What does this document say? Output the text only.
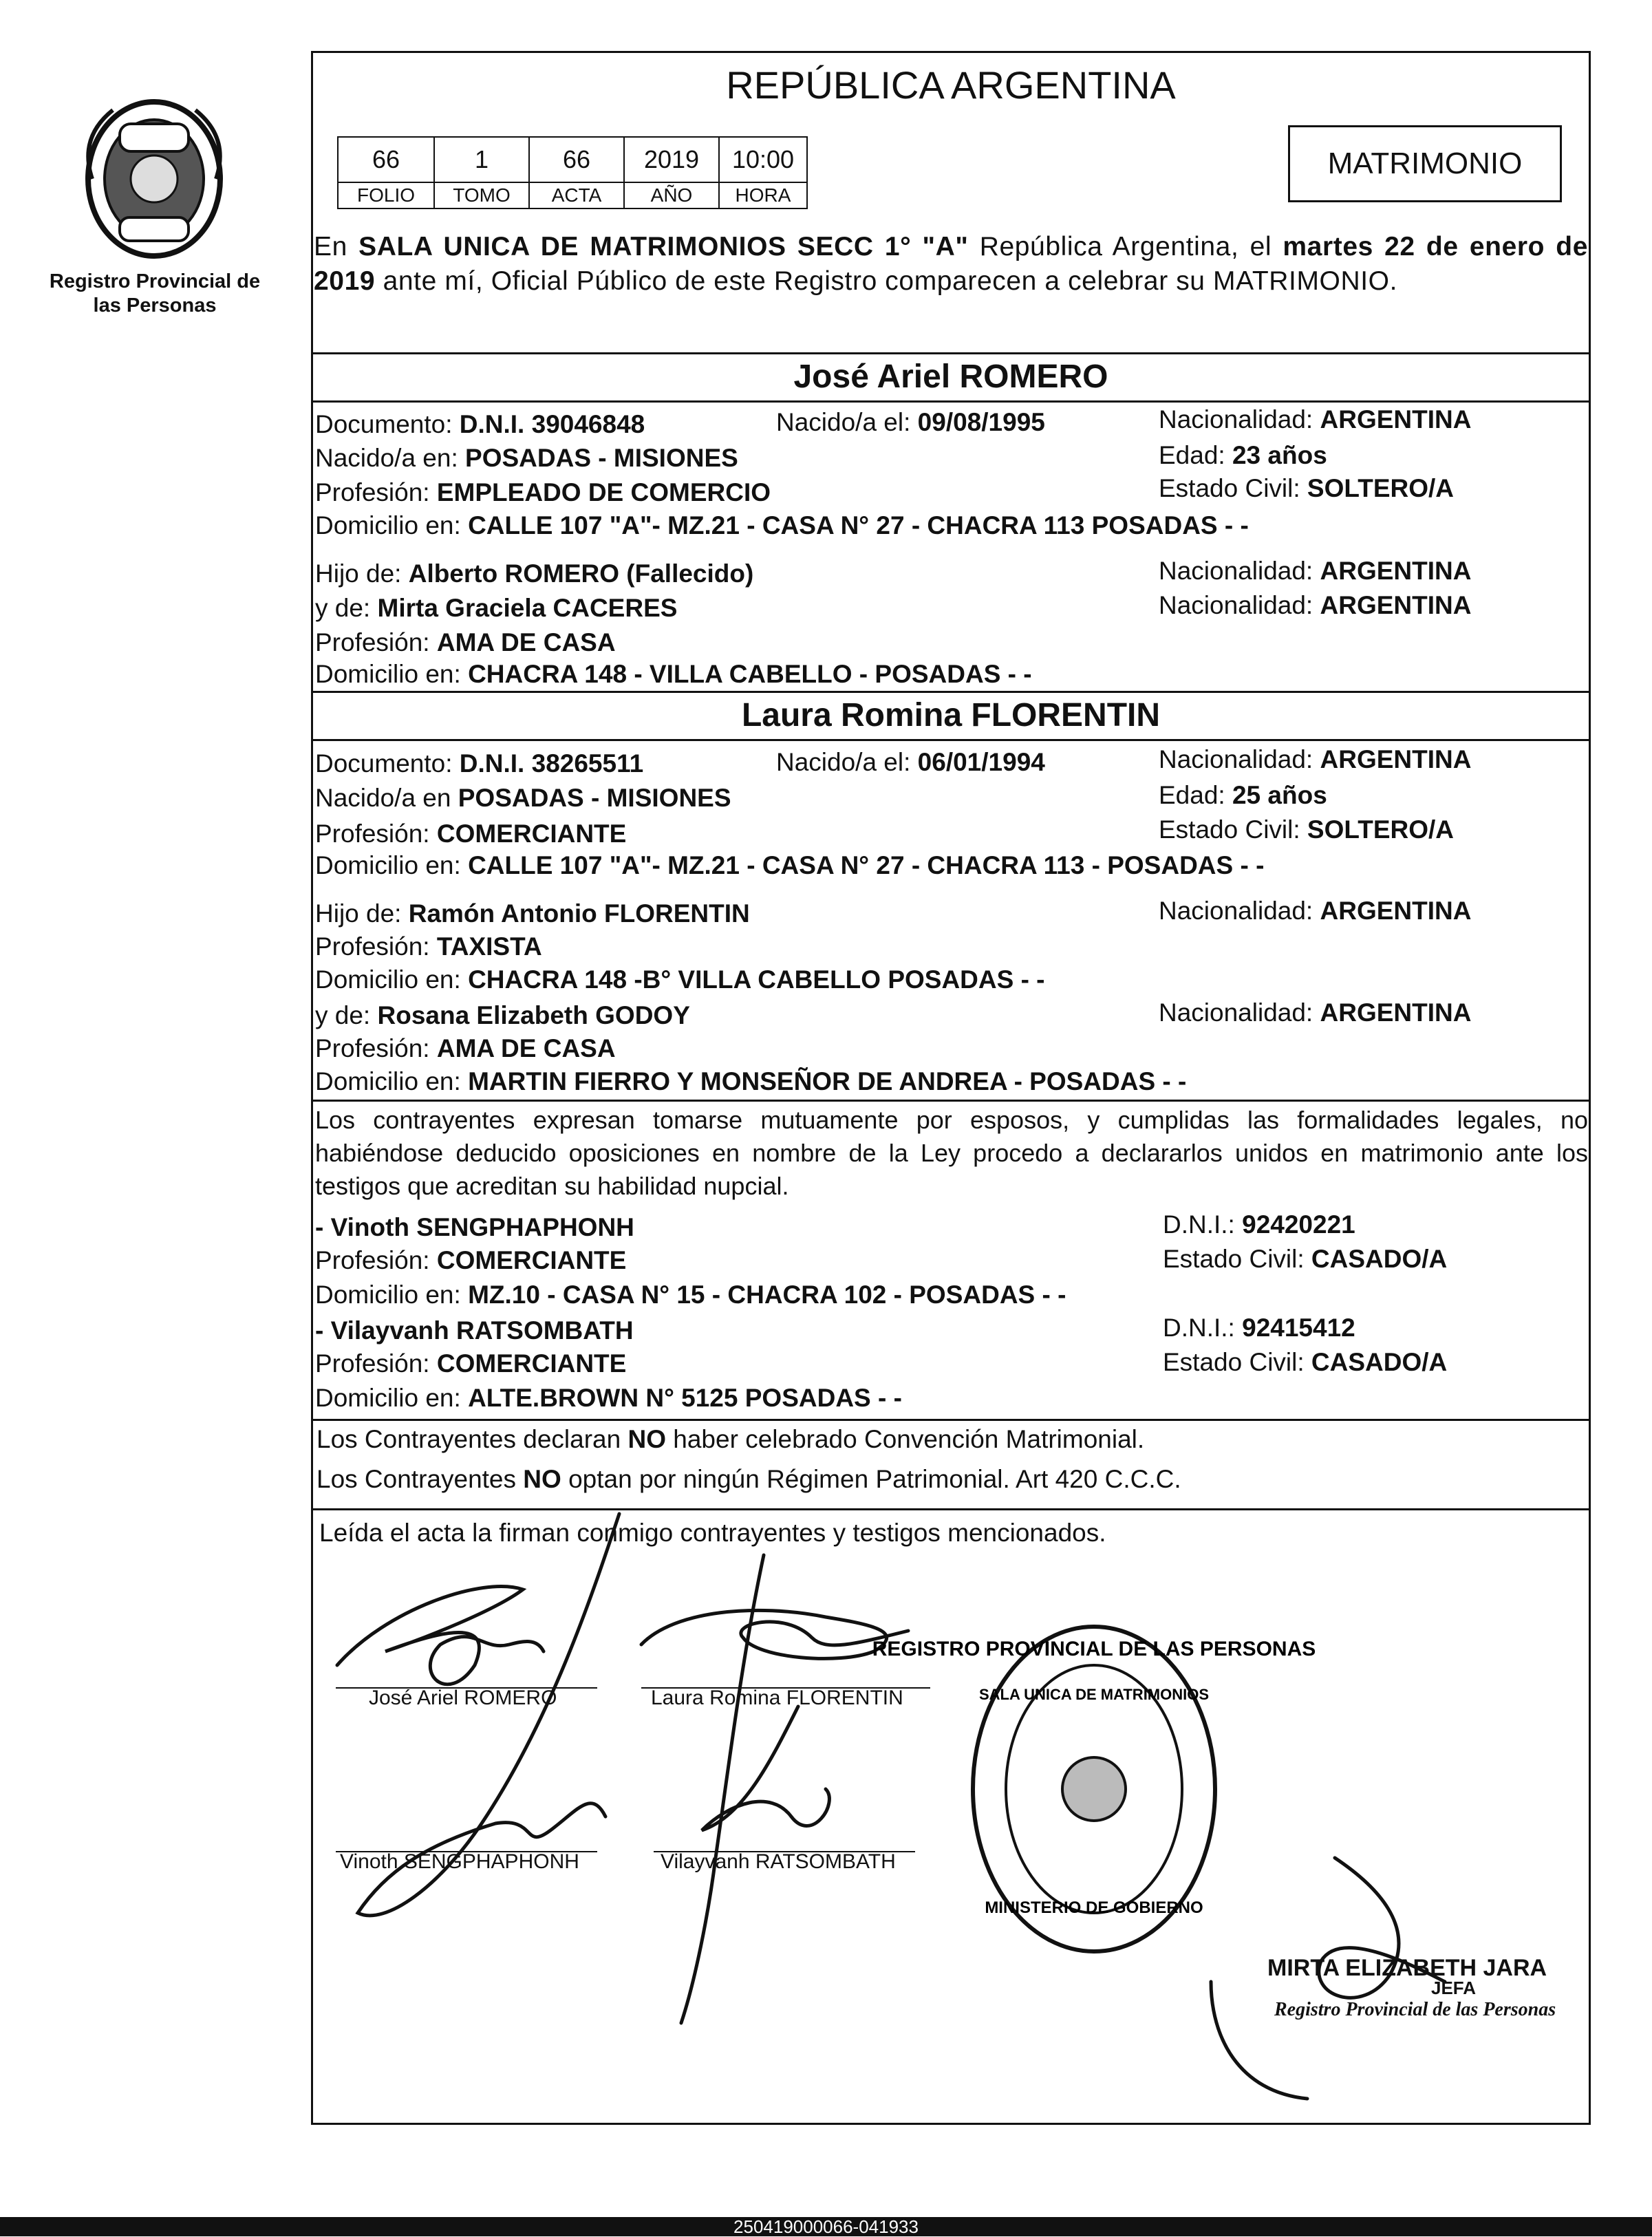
Registro Provincial de las Personas
REPÚBLICA ARGENTINA
66	1	66	2019	10:00
FOLIO	TOMO	ACTA	AÑO	HORA
MATRIMONIO
En SALA UNICA DE MATRIMONIOS SECC 1° "A" República Argentina, el martes 22 de enero de 2019 ante mí, Oficial Público de este Registro comparecen a celebrar su MATRIMONIO.
José Ariel ROMERO
Documento: D.N.I. 39046848	Nacido/a el: 09/08/1995	Nacionalidad: ARGENTINA
Nacido/a en: POSADAS - MISIONES	Edad: 23 años
Profesión: EMPLEADO DE COMERCIO	Estado Civil: SOLTERO/A
Domicilio en: CALLE 107 "A"- MZ.21 - CASA N° 27 - CHACRA 113 POSADAS - -
Hijo de: Alberto ROMERO (Fallecido)	Nacionalidad: ARGENTINA
y de: Mirta Graciela CACERES	Nacionalidad: ARGENTINA
Profesión: AMA DE CASA
Domicilio en: CHACRA 148 - VILLA CABELLO - POSADAS - -
Laura Romina FLORENTIN
Documento: D.N.I. 38265511	Nacido/a el: 06/01/1994	Nacionalidad: ARGENTINA
Nacido/a en POSADAS - MISIONES	Edad: 25 años
Profesión: COMERCIANTE	Estado Civil: SOLTERO/A
Domicilio en: CALLE 107 "A"- MZ.21 - CASA N° 27 - CHACRA 113 - POSADAS - -
Hijo de: Ramón Antonio FLORENTIN	Nacionalidad: ARGENTINA
Profesión: TAXISTA
Domicilio en: CHACRA 148 -B° VILLA CABELLO POSADAS - -
y de: Rosana Elizabeth GODOY	Nacionalidad: ARGENTINA
Profesión: AMA DE CASA
Domicilio en: MARTIN FIERRO Y MONSEÑOR DE ANDREA - POSADAS - -
Los contrayentes expresan tomarse mutuamente por esposos, y cumplidas las formalidades legales, no habiéndose deducido oposiciones en nombre de la Ley procedo a declararlos unidos en matrimonio ante los testigos que acreditan su habilidad nupcial.
- Vinoth SENGPHAPHONH	D.N.I.: 92420221
Profesión: COMERCIANTE	Estado Civil: CASADO/A
Domicilio en: MZ.10 - CASA N° 15 - CHACRA 102 - POSADAS - -
- Vilayvanh RATSOMBATH	D.N.I.: 92415412
Profesión: COMERCIANTE	Estado Civil: CASADO/A
Domicilio en: ALTE.BROWN N° 5125 POSADAS - -
Los Contrayentes declaran NO haber celebrado Convención Matrimonial.
Los Contrayentes NO optan por ningún Régimen Patrimonial. Art 420 C.C.C.
Leída el acta la firman conmigo contrayentes y testigos mencionados.
José Ariel ROMERO	Laura Romina FLORENTIN
Vinoth SENGPHAPHONH	Vilayvanh RATSOMBATH
REGISTRO PROVINCIAL DE LAS PERSONAS
SALA UNICA DE MATRIMONIOS
MINISTERIO DE GOBIERNO
MIRTA ELIZABETH JARA
JEFA
Registro Provincial de las Personas
250419000066-041933
